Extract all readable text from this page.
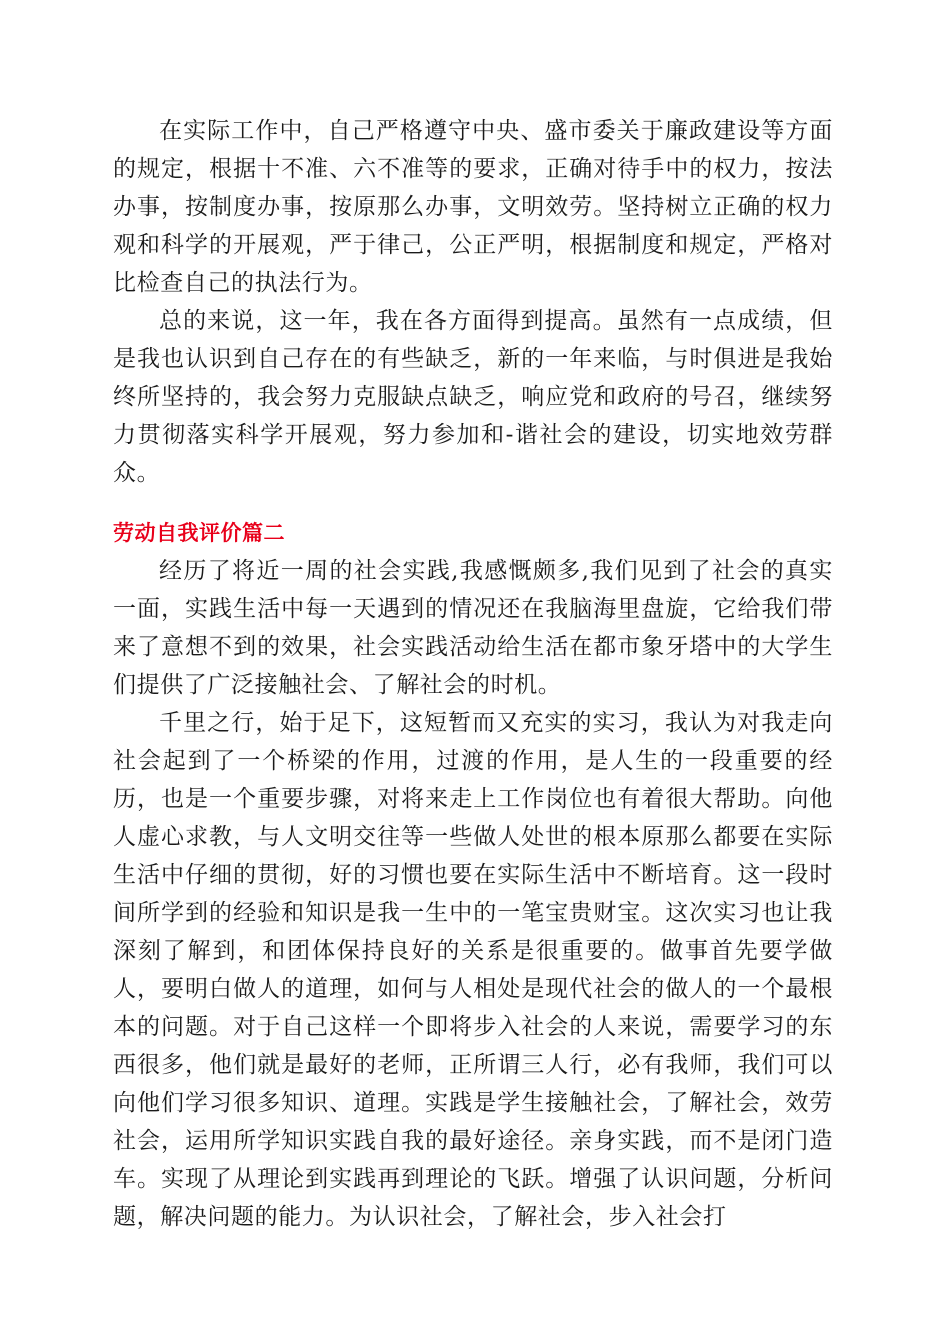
在实际工作中，自己严格遵守中央、盛市委关于廉政建设等方面的规定，根据十不准、六不准等的要求，正确对待手中的权力，按法办事，按制度办事，按原那么办事，文明效劳。坚持树立正确的权力观和科学的开展观，严于律己，公正严明，根据制度和规定，严格对比检查自己的执法行为。

总的来说，这一年，我在各方面得到提高。虽然有一点成绩，但是我也认识到自己存在的有些缺乏，新的一年来临，与时俱进是我始终所坚持的，我会努力克服缺点缺乏，响应党和政府的号召，继续努力贯彻落实科学开展观，努力参加和-谐社会的建设，切实地效劳群众。

劳动自我评价篇二

经历了将近一周的社会实践,我感慨颇多,我们见到了社会的真实一面，实践生活中每一天遇到的情况还在我脑海里盘旋，它给我们带来了意想不到的效果，社会实践活动给生活在都市象牙塔中的大学生们提供了广泛接触社会、了解社会的时机。

千里之行，始于足下，这短暂而又充实的实习，我认为对我走向社会起到了一个桥梁的作用，过渡的作用，是人生的一段重要的经历，也是一个重要步骤，对将来走上工作岗位也有着很大帮助。向他人虚心求教，与人文明交往等一些做人处世的根本原那么都要在实际生活中仔细的贯彻，好的习惯也要在实际生活中不断培育。这一段时间所学到的经验和知识是我一生中的一笔宝贵财宝。这次实习也让我深刻了解到，和团体保持良好的关系是很重要的。做事首先要学做人，要明白做人的道理，如何与人相处是现代社会的做人的一个最根本的问题。对于自己这样一个即将步入社会的人来说，需要学习的东西很多，他们就是最好的老师，正所谓三人行，必有我师，我们可以向他们学习很多知识、道理。实践是学生接触社会，了解社会，效劳社会，运用所学知识实践自我的最好途径。亲身实践，而不是闭门造车。实现了从理论到实践再到理论的飞跃。增强了认识问题，分析问题，解决问题的能力。为认识社会，了解社会，步入社会打
